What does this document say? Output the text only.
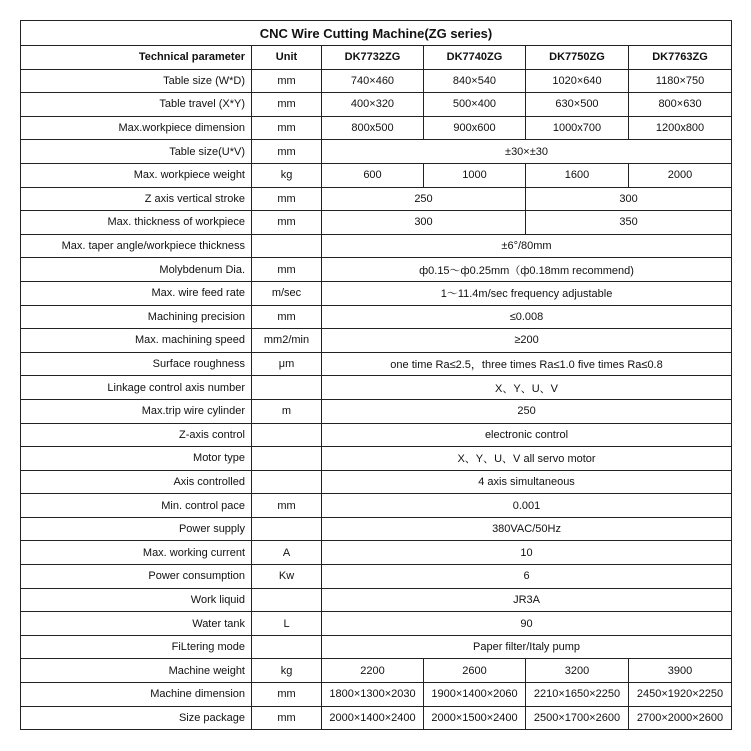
CNC Wire Cutting Machine(ZG series)					
Technical parameter	Unit	DK7732ZG	DK7740ZG	DK7750ZG	DK7763ZG
Table size (W*D)	mm	740×460	840×540	1020×640	1180×750
Table travel (X*Y)	mm	400×320	500×400	630×500	800×630
Max.workpiece dimension	mm	800x500	900x600	1000x700	1200x800
Table size(U*V)	mm	±30×±30			
Max. workpiece weight	kg	600	1000	1600	2000
Z axis vertical stroke	mm	250		300	
Max. thickness of workpiece	mm	300		350	
Max. taper angle/workpiece thickness		±6°/80mm			
Molybdenum Dia.	mm	ф0.15～ф0.25mm（ф0.18mm recommend)			
Max. wire feed rate	m/sec	1～11.4m/sec frequency adjustable			
Machining precision	mm	≤0.008			
Max. machining speed	mm2/min	≥200			
Surface roughness	μm	one time Ra≤2.5，three times Ra≤1.0 five times Ra≤0.8			
Linkage control axis number		X、Y、U、V			
Max.trip wire cylinder	m	250			
Z-axis control		electronic control			
Motor type		X、Y、U、V all servo motor			
Axis controlled		4 axis simultaneous			
Min. control pace	mm	0.001			
Power supply		380VAC/50Hz			
Max. working current	A	10			
Power consumption	Kw	6			
Work liquid		JR3A			
Water tank	L	90			
FiLtering mode		Paper filter/Italy pump			
Machine weight	kg	2200	2600	3200	3900
Machine dimension	mm	1800×1300×2030	1900×1400×2060	2210×1650×2250	2450×1920×2250
Size package	mm	2000×1400×2400	2000×1500×2400	2500×1700×2600	2700×2000×2600
